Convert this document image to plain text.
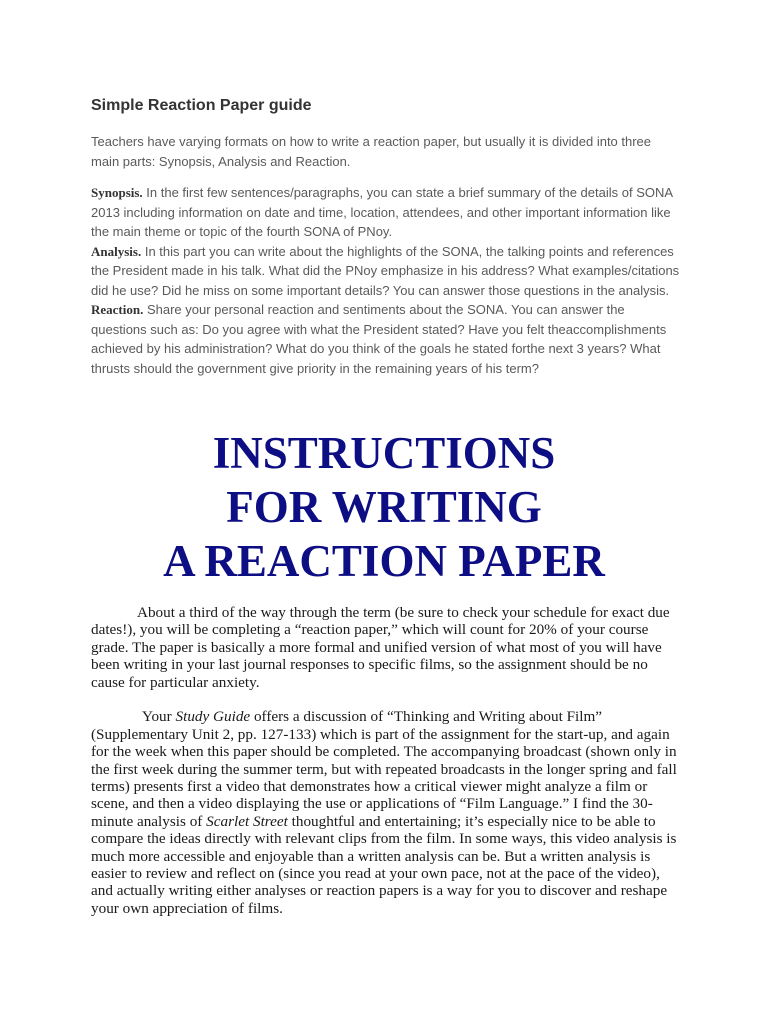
Simple Reaction Paper guide

Teachers have varying formats on how to write a reaction paper, but usually it is divided into three main parts: Synopsis, Analysis and Reaction.

Synopsis. In the first few sentences/paragraphs, you can state a brief summary of the details of SONA 2013 including information on date and time, location, attendees, and other important information like the main theme or topic of the fourth SONA of PNoy.

Analysis. In this part you can write about the highlights of the SONA, the talking points and references the President made in his talk. What did the PNoy emphasize in his address? What examples/citations did he use? Did he miss on some important details? You can answer those questions in the analysis.

Reaction. Share your personal reaction and sentiments about the SONA. You can answer the questions such as: Do you agree with what the President stated? Have you felt theaccomplishments achieved by his administration? What do you think of the goals he stated forthe next 3 years? What thrusts should the government give priority in the remaining years of his term?

INSTRUCTIONS
FOR WRITING
A REACTION PAPER

About a third of the way through the term (be sure to check your schedule for exact due dates!), you will be completing a “reaction paper,” which will count for 20% of your course grade. The paper is basically a more formal and unified version of what most of you will have been writing in your last journal responses to specific films, so the assignment should be no cause for particular anxiety.

Your Study Guide offers a discussion of “Thinking and Writing about Film” (Supplementary Unit 2, pp. 127-133) which is part of the assignment for the start-up, and again for the week when this paper should be completed. The accompanying broadcast (shown only in the first week during the summer term, but with repeated broadcasts in the longer spring and fall terms) presents first a video that demonstrates how a critical viewer might analyze a film or scene, and then a video displaying the use or applications of “Film Language.” I find the 30-minute analysis of Scarlet Street thoughtful and entertaining; it’s especially nice to be able to compare the ideas directly with relevant clips from the film. In some ways, this video analysis is much more accessible and enjoyable than a written analysis can be. But a written analysis is easier to review and reflect on (since you read at your own pace, not at the pace of the video), and actually writing either analyses or reaction papers is a way for you to discover and reshape your own appreciation of films.
